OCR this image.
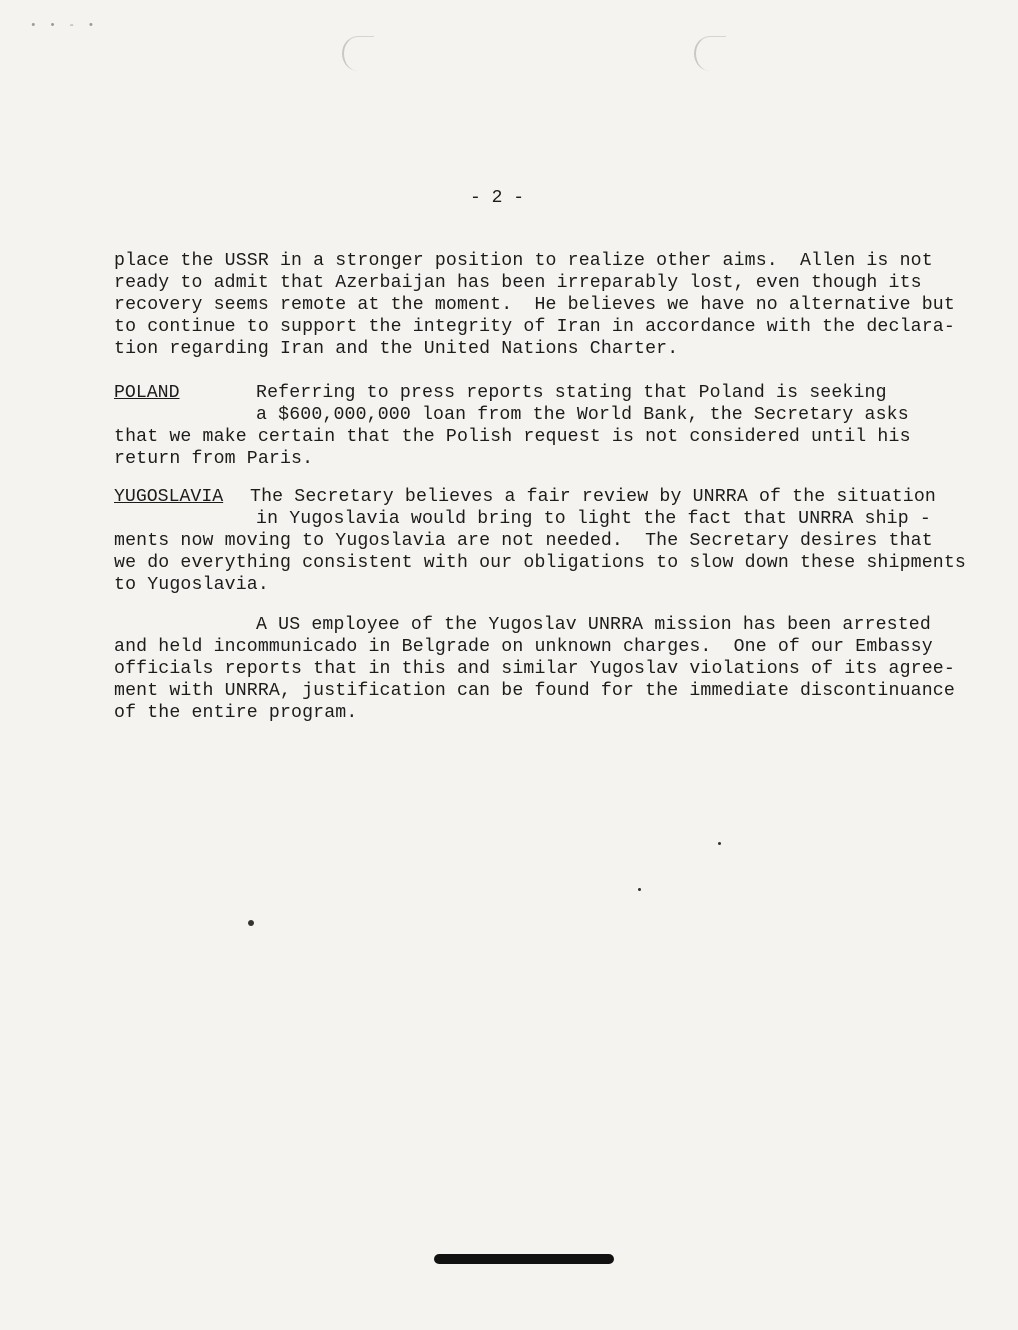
• • - •
- 2 -
place the USSR in a stronger position to realize other aims.  Allen is not
ready to admit that Azerbaijan has been irreparably lost, even though its
recovery seems remote at the moment.  He believes we have no alternative but
to continue to support the integrity of Iran in accordance with the declara-
tion regarding Iran and the United Nations Charter.
POLAND	Referring to press reports stating that Poland is seeking
a $600,000,000 loan from the World Bank, the Secretary asks
that we make certain that the Polish request is not considered until his
return from Paris.
YUGOSLAVIA The Secretary believes a fair review by UNRRA of the situation
in Yugoslavia would bring to light the fact that UNRRA ship -
ments now moving to Yugoslavia are not needed.  The Secretary desires that
we do everything consistent with our obligations to slow down these shipments
to Yugoslavia.
A US employee of the Yugoslav UNRRA mission has been arrested
and held incommunicado in Belgrade on unknown charges.  One of our Embassy
officials reports that in this and similar Yugoslav violations of its agree-
ment with UNRRA, justification can be found for the immediate discontinuance
of the entire program.
